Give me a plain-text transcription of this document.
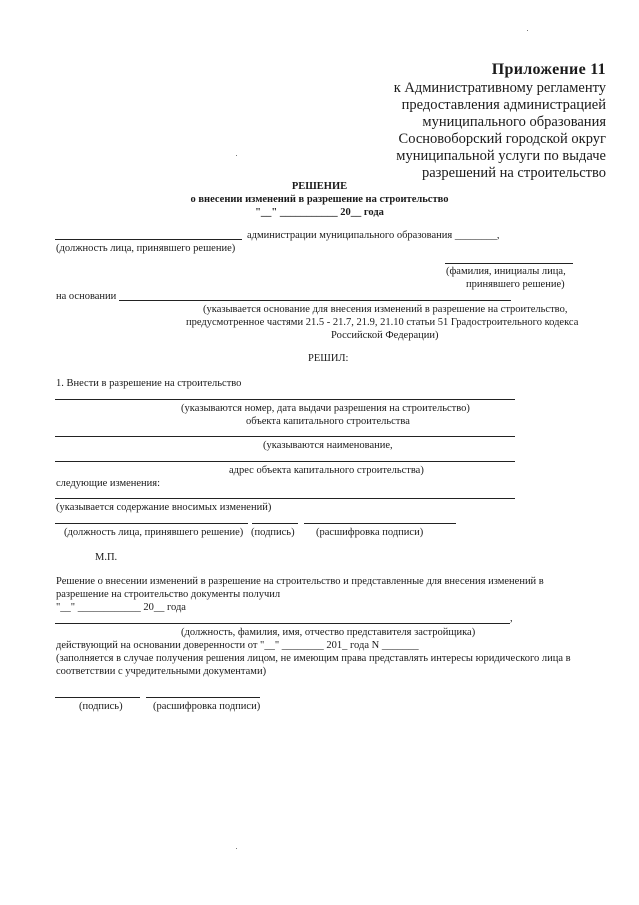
Приложение 11
к Административному регламенту
предоставления администрацией
муниципального образования
Сосновоборский городской округ
муниципальной услуги по выдаче
разрешений на строительство
РЕШЕНИЕ
о внесении изменений в разрешение на строительство
"__" ___________ 20__ года
администрации муниципального образования ________,
(должность лица, принявшего решение)
(фамилия, инициалы лица,
принявшего решение)
на основании
(указывается основание для внесения изменений в разрешение на строительство,
предусмотренное частями 21.5 - 21.7, 21.9, 21.10 статьи 51 Градостроительного кодекса
Российской Федерации)
РЕШИЛ:
1. Внести в разрешение на строительство
(указываются номер, дата выдачи разрешения на строительство)
объекта капитального строительства
(указываются наименование,
адрес объекта капитального строительства)
следующие изменения:
(указывается содержание вносимых изменений)
(должность лица, принявшего решение) (подпись) (расшифровка подписи)
М.П.
Решение о внесении изменений в разрешение на строительство и представленные для внесения изменений в
разрешение на строительство документы получил
"__" ____________ 20__ года
,
(должность, фамилия, имя, отчество представителя застройщика)
действующий на основании доверенности от "__" ________ 201_ года N _______
(заполняется в случае получения решения лицом, не имеющим права представлять интересы юридического лица в
соответствии с учредительными документами)
(подпись)	(расшифровка подписи)
